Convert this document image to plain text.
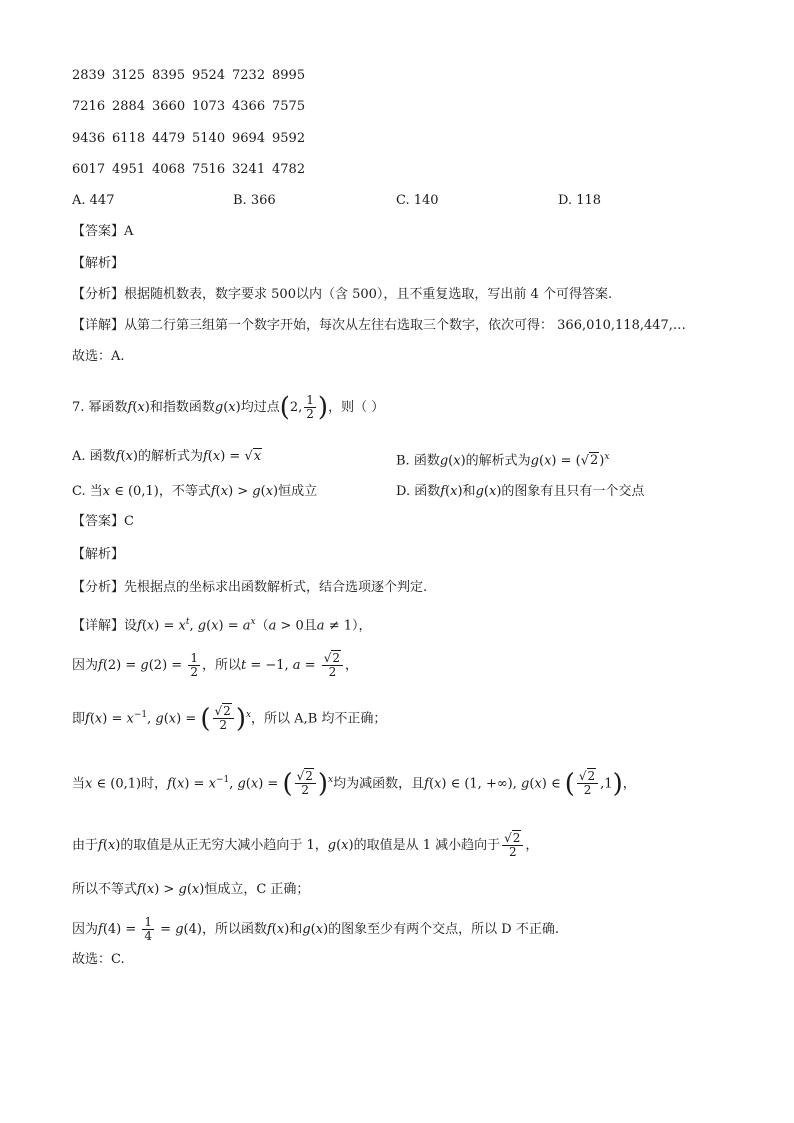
2839 3125 8395 9524 7232 8995
7216 2884 3660 1073 4366 7575
9436 6118 4479 5140 9694 9592
6017 4951 4068 7516 3241 4782
A. 447	B. 366	C. 140	D. 118
【答案】A
【解析】
【分析】根据随机数表，数字要求 500以内（含 500），且不重复选取，写出前 4 个可得答案.
【详解】从第二行第三组第一个数字开始，每次从左往右选取三个数字，依次可得： 366,010,118,447,…
故选：A.
7. 幂函数f(x)和指数函数g(x)均过点(2, $\frac{1}{2}$ )，则（ ）
A. 函数f(x)的解析式为f(x) = √x	B. 函数g(x)的解析式为$g(x) = (√2)^x$
C. 当x ∈ (0,1)，不等式f(x) > g(x)恒成立	D. 函数f(x)和g(x)的图象有且只有一个交点
【答案】C
【解析】
【分析】先根据点的坐标求出函数解析式，结合选项逐个判定.
【详解】设$f(x) = x^t$, $g(x) = a^x(a > 0$且a ≠ 1），
因为$f(2) = g(2) = \frac{1}{2}$ ，所以t = −1, $a = \frac{√2}{2}$ ，
即$f(x) = x^{-1}$, g(x) = ( $\frac{√2}{2} )^x$，所以 A,B 均不正确；
当x ∈ (0,1)时，$f(x) = x^{-1}$, g(x) = ( $\frac{√2}{2} )^x$均为减函数，且f(x) ∈ (1, +∞), g(x) ∈ ( $\frac{√2}{2} ,1$)，
由于f(x)的取值是从正无穷大减小趋向于 1，g(x)的取值是从 1 减小趋向于 $\frac{√2}{2}$ ，
所以不等式f(x) > g(x)恒成立，C 正确；
因为$f(4) = \frac{1}{4} = g(4)$，所以函数f(x)和g(x)的图象至少有两个交点，所以 D 不正确.
故选：C.
